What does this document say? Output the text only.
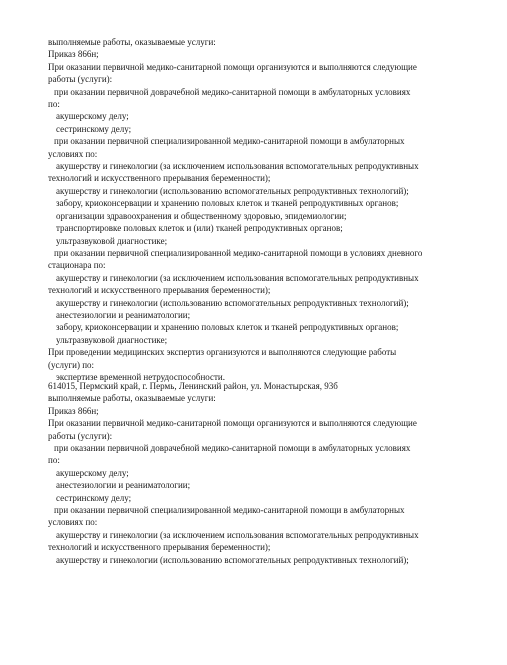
выполняемые работы, оказываемые услуги:
Приказ 866н;
При оказании первичной медико-санитарной помощи организуются и выполняются следующие
работы (услуги):
при оказании первичной доврачебной медико-санитарной помощи в амбулаторных условиях
по:
акушерскому делу;
сестринскому делу;
при оказании первичной специализированной медико-санитарной помощи в амбулаторных
условиях по:
акушерству и гинекологии (за исключением использования вспомогательных репродуктивных
технологий и искусственного прерывания беременности);
акушерству и гинекологии (использованию вспомогательных репродуктивных технологий);
забору, криоконсервации и хранению половых клеток и тканей репродуктивных органов;
организации здравоохранения и общественному здоровью, эпидемиологии;
транспортировке половых клеток и (или) тканей репродуктивных органов;
ультразвуковой диагностике;
при оказании первичной специализированной медико-санитарной помощи в условиях дневного
стационара по:
акушерству и гинекологии (за исключением использования вспомогательных репродуктивных
технологий и искусственного прерывания беременности);
акушерству и гинекологии (использованию вспомогательных репродуктивных технологий);
анестезиологии и реаниматологии;
забору, криоконсервации и хранению половых клеток и тканей репродуктивных органов;
ультразвуковой диагностике;
При проведении медицинских экспертиз организуются и выполняются следующие работы
(услуги) по:
экспертизе временной нетрудоспособности.
614015, Пермский край, г. Пермь, Ленинский район, ул. Монастырская, 93б
выполняемые работы, оказываемые услуги:
Приказ 866н;
При оказании первичной медико-санитарной помощи организуются и выполняются следующие
работы (услуги):
при оказании первичной доврачебной медико-санитарной помощи в амбулаторных условиях
по:
акушерскому делу;
анестезиологии и реаниматологии;
сестринскому делу;
при оказании первичной специализированной медико-санитарной помощи в амбулаторных
условиях по:
акушерству и гинекологии (за исключением использования вспомогательных репродуктивных
технологий и искусственного прерывания беременности);
акушерству и гинекологии (использованию вспомогательных репродуктивных технологий);
